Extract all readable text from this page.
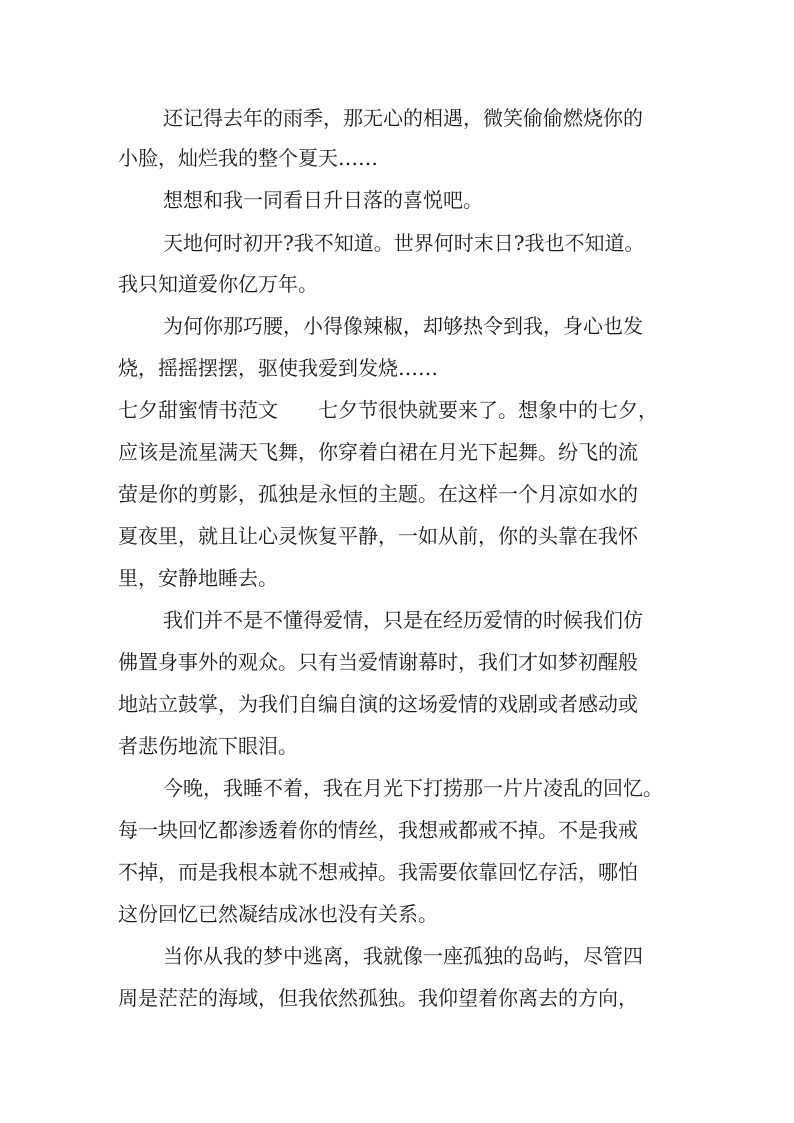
还记得去年的雨季，那无心的相遇，微笑偷偷燃烧你的
小脸，灿烂我的整个夏天……
想想和我一同看日升日落的喜悦吧。
天地何时初开?我不知道。世界何时末日?我也不知道。
我只知道爱你亿万年。
为何你那巧腰，小得像辣椒，却够热令到我，身心也发
烧，摇摇摆摆，驱使我爱到发烧……
七夕甜蜜情书范文 七夕节很快就要来了。想象中的七夕，
应该是流星满天飞舞，你穿着白裙在月光下起舞。纷飞的流
萤是你的剪影，孤独是永恒的主题。在这样一个月凉如水的
夏夜里，就且让心灵恢复平静，一如从前，你的头靠在我怀
里，安静地睡去。
我们并不是不懂得爱情，只是在经历爱情的时候我们仿
佛置身事外的观众。只有当爱情谢幕时，我们才如梦初醒般
地站立鼓掌，为我们自编自演的这场爱情的戏剧或者感动或
者悲伤地流下眼泪。
今晚，我睡不着，我在月光下打捞那一片片凌乱的回忆。
每一块回忆都渗透着你的情丝，我想戒都戒不掉。不是我戒
不掉，而是我根本就不想戒掉。我需要依靠回忆存活，哪怕
这份回忆已然凝结成冰也没有关系。
当你从我的梦中逃离，我就像一座孤独的岛屿，尽管四
周是茫茫的海域，但我依然孤独。我仰望着你离去的方向，
